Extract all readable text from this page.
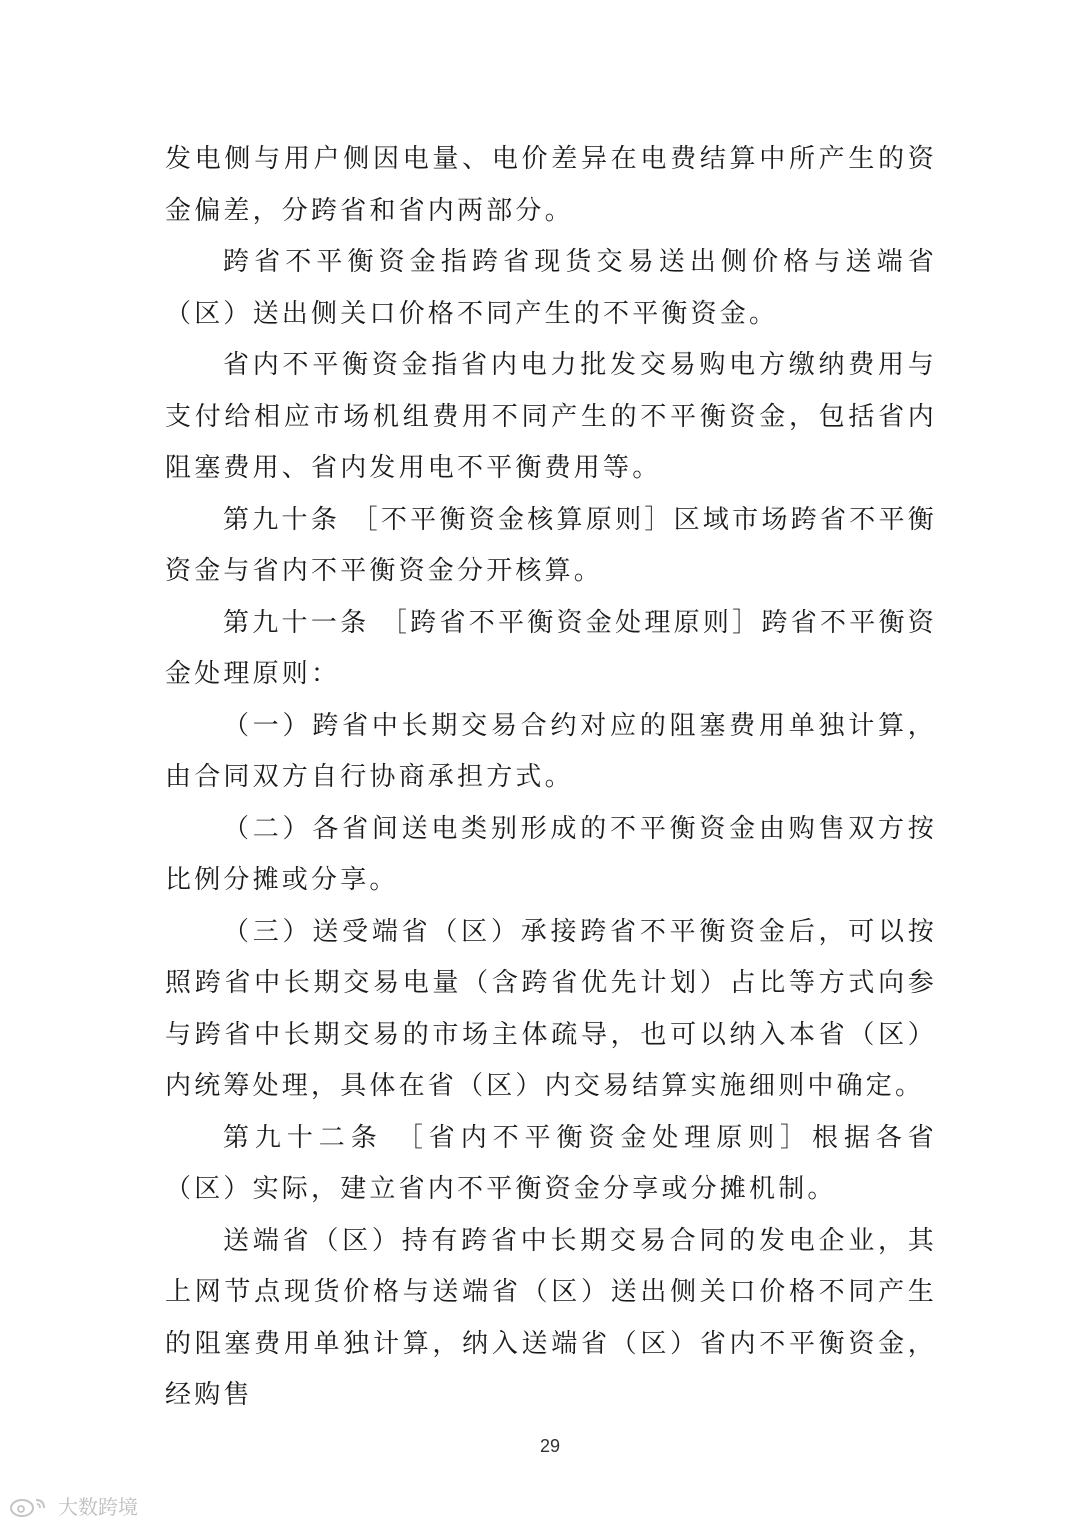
发电侧与用户侧因电量、电价差异在电费结算中所产生的资金偏差，分跨省和省内两部分。

跨省不平衡资金指跨省现货交易送出侧价格与送端省（区）送出侧关口价格不同产生的不平衡资金。

省内不平衡资金指省内电力批发交易购电方缴纳费用与支付给相应市场机组费用不同产生的不平衡资金，包括省内阻塞费用、省内发用电不平衡费用等。

第九十条 ［不平衡资金核算原则］区域市场跨省不平衡资金与省内不平衡资金分开核算。

第九十一条 ［跨省不平衡资金处理原则］跨省不平衡资金处理原则：

（一）跨省中长期交易合约对应的阻塞费用单独计算，由合同双方自行协商承担方式。

（二）各省间送电类别形成的不平衡资金由购售双方按比例分摊或分享。

（三）送受端省（区）承接跨省不平衡资金后，可以按照跨省中长期交易电量（含跨省优先计划）占比等方式向参与跨省中长期交易的市场主体疏导，也可以纳入本省（区）内统筹处理，具体在省（区）内交易结算实施细则中确定。

第九十二条 ［省内不平衡资金处理原则］根据各省（区）实际，建立省内不平衡资金分享或分摊机制。

送端省（区）持有跨省中长期交易合同的发电企业，其上网节点现货价格与送端省（区）送出侧关口价格不同产生的阻塞费用单独计算，纳入送端省（区）省内不平衡资金，经购售

29
大数跨境
